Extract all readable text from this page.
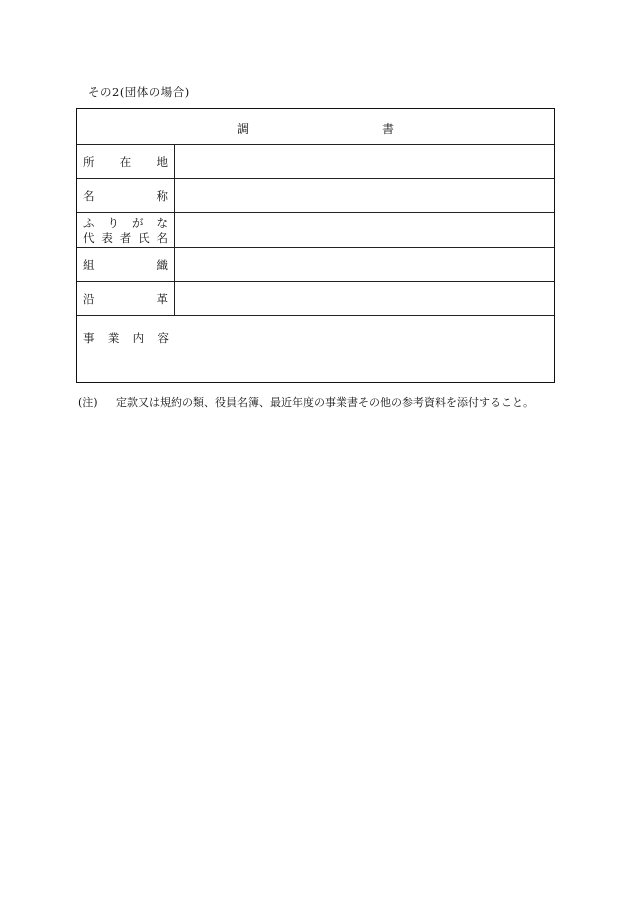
その2(団体の場合)
調	書
所 在 地
名	称
ふ り が な
代 表 者 氏 名
組	織
沿	革
事 業 内 容
(注) 定款又は規約の類、役員名簿、最近年度の事業書その他の参考資料を添付すること。
